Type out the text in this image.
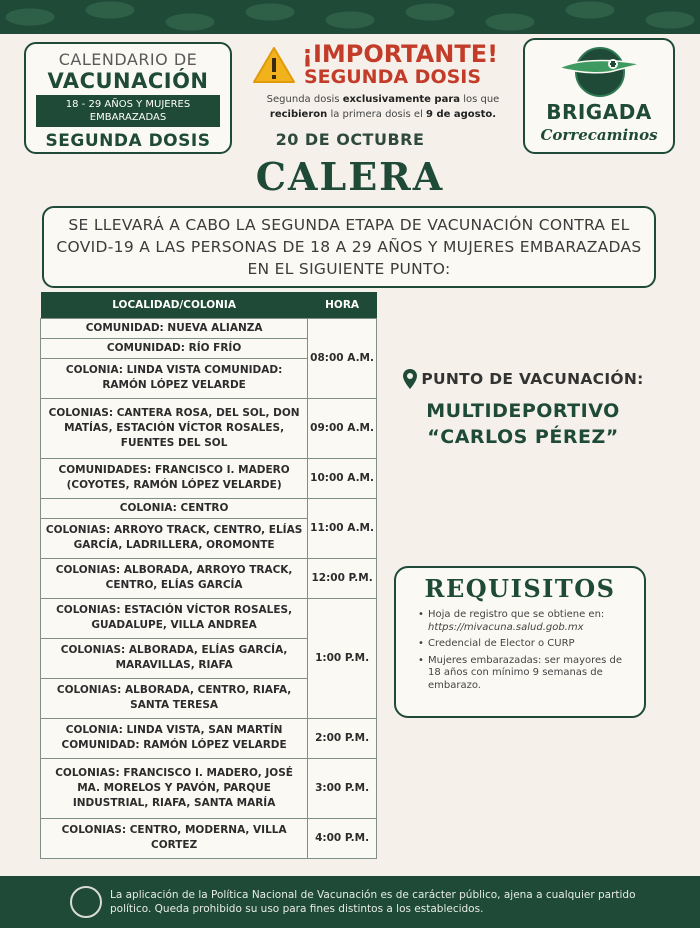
CALENDARIO DE
VACUNACIÓN
18 - 29 AÑOS Y MUJERES EMBARAZADAS
SEGUNDA DOSIS
¡IMPORTANTE!
SEGUNDA DOSIS
Segunda dosis exclusivamente para los que recibieron la primera dosis el 9 de agosto.	BRIGADA
Correcaminos
20 DE OCTUBRE
CALERA
SE LLEVARÁ A CABO LA SEGUNDA ETAPA DE VACUNACIÓN CONTRA EL COVID-19 A LAS PERSONAS DE 18 A 29 AÑOS Y MUJERES EMBARAZADAS EN EL SIGUIENTE PUNTO:
LOCALIDAD/COLONIA	HORA
COMUNIDAD: NUEVA ALIANZA	08:00 A.M.
COMUNIDAD: RÍO FRÍO	
COLONIA: LINDA VISTA COMUNIDAD: RAMÓN LÓPEZ VELARDE	
COLONIAS: CANTERA ROSA, DEL SOL, DON MATÍAS, ESTACIÓN VÍCTOR ROSALES, FUENTES DEL SOL	09:00 A.M.
COMUNIDADES: FRANCISCO I. MADERO (COYOTES, RAMÓN LÓPEZ VELARDE)	10:00 A.M.
COLONIA: CENTRO	11:00 A.M.
COLONIAS: ARROYO TRACK, CENTRO, ELÍAS GARCÍA, LADRILLERA, OROMONTE	
COLONIAS: ALBORADA, ARROYO TRACK, CENTRO, ELÍAS GARCÍA	12:00 P.M.
COLONIAS: ESTACIÓN VÍCTOR ROSALES, GUADALUPE, VILLA ANDREA	1:00 P.M.
COLONIAS: ALBORADA, ELÍAS GARCÍA, MARAVILLAS, RIAFA	
COLONIAS: ALBORADA, CENTRO, RIAFA, SANTA TERESA	
COLONIA: LINDA VISTA, SAN MARTÍN COMUNIDAD: RAMÓN LÓPEZ VELARDE	2:00 P.M.
COLONIAS: FRANCISCO I. MADERO, JOSÉ MA. MORELOS Y PAVÓN, PARQUE INDUSTRIAL, RIAFA, SANTA MARÍA	3:00 P.M.
COLONIAS: CENTRO, MODERNA, VILLA CORTEZ	4:00 P.M.
PUNTO DE VACUNACIÓN:
MULTIDEPORTIVO
“CARLOS PÉREZ”
REQUISITOS
• Hoja de registro que se obtiene en: https://mivacuna.salud.gob.mx
• Credencial de Elector o CURP
• Mujeres embarazadas: ser mayores de 18 años con mínimo 9 semanas de embarazo.
La aplicación de la Política Nacional de Vacunación es de carácter público, ajena a cualquier partido político. Queda prohibido su uso para fines distintos a los establecidos.
